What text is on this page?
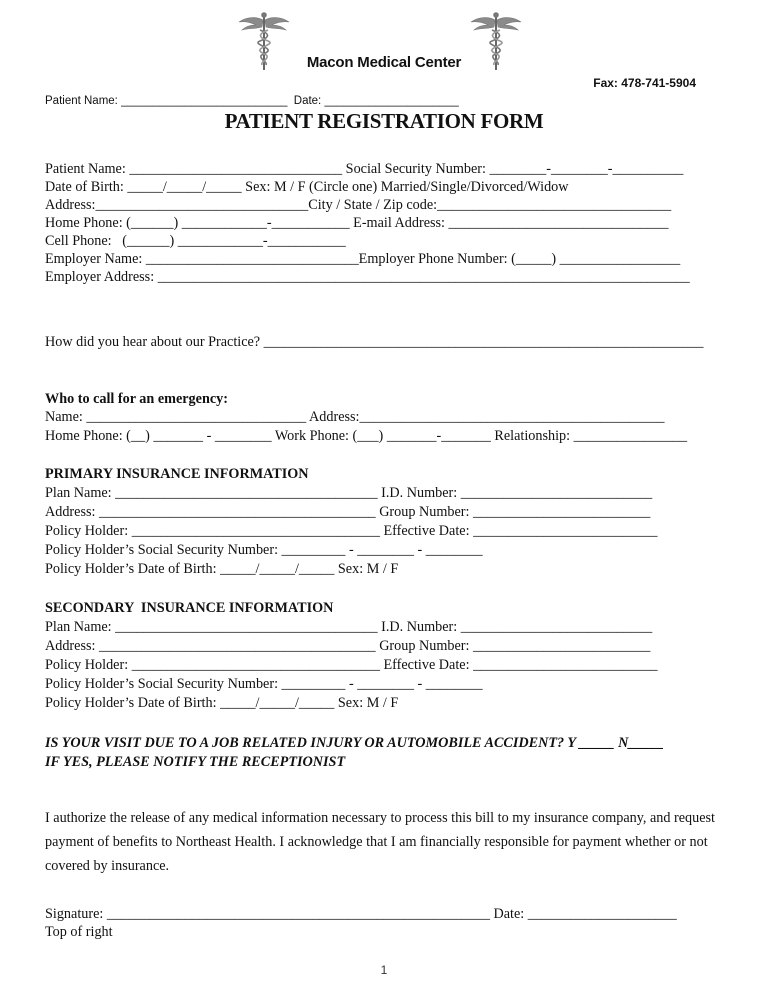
Macon Medical Center
Fax: 478-741-5904
Patient Name: __________________________  Date: _____________________
PATIENT REGISTRATION FORM
Patient Name: ______________________________ Social Security Number: ________-________-__________
Date of Birth: _____/_____/_____ Sex: M / F (Circle one) Married/Single/Divorced/Widow
Address:______________________________City / State / Zip code:_________________________________
Home Phone: (______) ____________-___________ E-mail Address: _______________________________
Cell Phone:   (______) ____________-___________
Employer Name: ______________________________Employer Phone Number: (_____) _________________
Employer Address: ___________________________________________________________________________
How did you hear about our Practice? ______________________________________________________________
Who to call for an emergency:
Name: _______________________________ Address:___________________________________________
Home Phone: (__) _______ - ________ Work Phone: (___) _______-_______ Relationship: ________________
PRIMARY INSURANCE INFORMATION
Plan Name: _____________________________________ I.D. Number: ___________________________
Address: _______________________________________ Group Number: _________________________
Policy Holder: ___________________________________ Effective Date: __________________________
Policy Holder’s Social Security Number: _________ - ________ - ________
Policy Holder’s Date of Birth: _____/_____/_____ Sex: M / F
SECONDARY  INSURANCE INFORMATION
Plan Name: _____________________________________ I.D. Number: ___________________________
Address: _______________________________________ Group Number: _________________________
Policy Holder: ___________________________________ Effective Date: __________________________
Policy Holder’s Social Security Number: _________ - ________ - ________
Policy Holder’s Date of Birth: _____/_____/_____ Sex: M / F
IS YOUR VISIT DUE TO A JOB RELATED INJURY OR AUTOMOBILE ACCIDENT? Y _____ N_____
IF YES, PLEASE NOTIFY THE RECEPTIONIST
I authorize the release of any medical information necessary to process this bill to my insurance company, and request payment of benefits to Northeast Health. I acknowledge that I am financially responsible for payment whether or not covered by insurance.
Signature: ______________________________________________________ Date: _____________________
Top of right
1
